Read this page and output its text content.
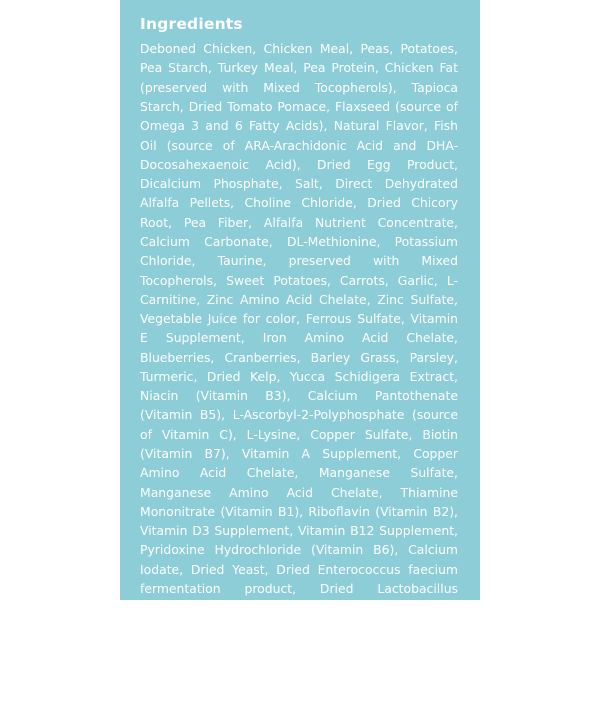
Ingredients

Deboned Chicken, Chicken Meal, Peas, Potatoes, Pea Starch, Turkey Meal, Pea Protein, Chicken Fat (preserved with Mixed Tocopherols), Tapioca Starch, Dried Tomato Pomace, Flaxseed (source of Omega 3 and 6 Fatty Acids), Natural Flavor, Fish Oil (source of ARA-Arachidonic Acid and DHA-Docosahexaenoic Acid), Dried Egg Product, Dicalcium Phosphate, Salt, Direct Dehydrated Alfalfa Pellets, Choline Chloride, Dried Chicory Root, Pea Fiber, Alfalfa Nutrient Concentrate, Calcium Carbonate, DL-Methionine, Potassium Chloride, Taurine, preserved with Mixed Tocopherols, Sweet Potatoes, Carrots, Garlic, L-Carnitine, Zinc Amino Acid Chelate, Zinc Sulfate, Vegetable Juice for color, Ferrous Sulfate, Vitamin E Supplement, Iron Amino Acid Chelate, Blueberries, Cranberries, Barley Grass, Parsley, Turmeric, Dried Kelp, Yucca Schidigera Extract, Niacin (Vitamin B3), Calcium Pantothenate (Vitamin B5), L-Ascorbyl-2-Polyphosphate (source of Vitamin C), L-Lysine, Copper Sulfate, Biotin (Vitamin B7), Vitamin A Supplement, Copper Amino Acid Chelate, Manganese Sulfate, Manganese Amino Acid Chelate, Thiamine Mononitrate (Vitamin B1), Riboflavin (Vitamin B2), Vitamin D3 Supplement, Vitamin B12 Supplement, Pyridoxine Hydrochloride (Vitamin B6), Calcium Iodate, Dried Yeast, Dried Enterococcus faecium fermentation product, Dried Lactobacillus acidophilus fermentation product, Dried Aspergillus niger fermentation extract, Dried Trichoderma longibrachiatum fermentation extract, Dried Bacillus subtilis fermentation extract, Folic Acid (Vitamin B9), Sodium Selenite, Oil of Rosemary.
